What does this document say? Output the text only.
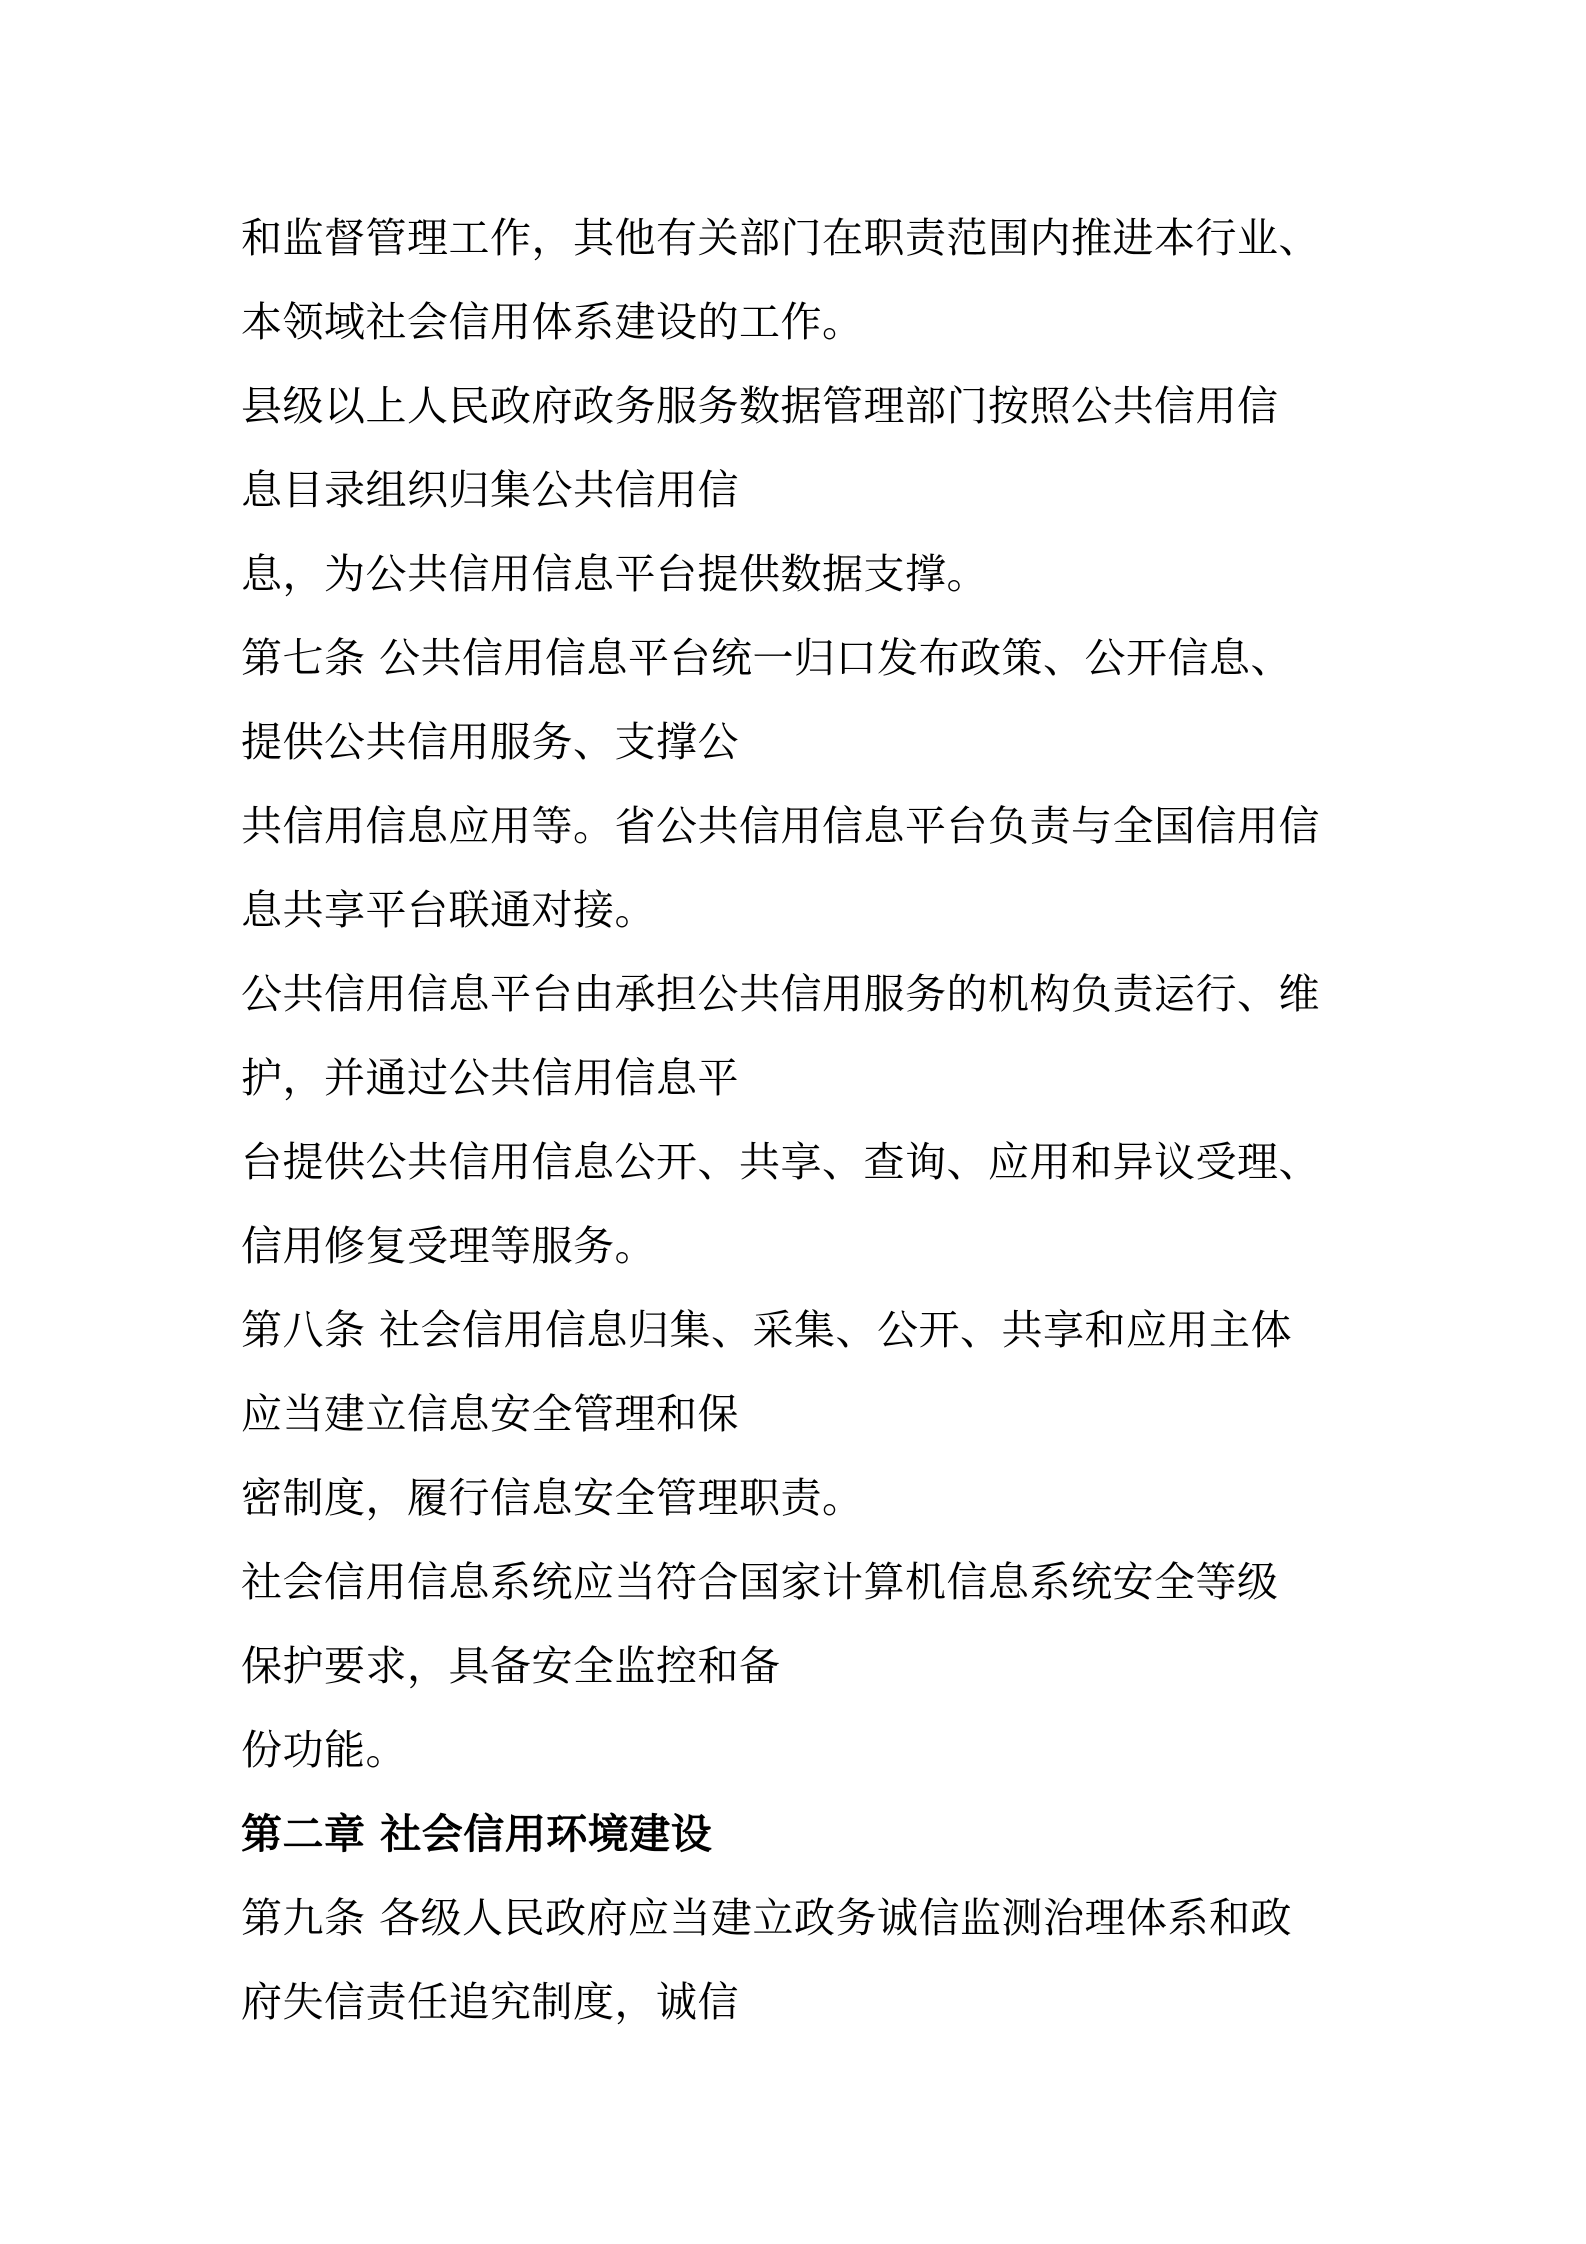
和监督管理工作，其他有关部门在职责范围内推进本行业、
本领域社会信用体系建设的工作。
县级以上人民政府政务服务数据管理部门按照公共信用信
息目录组织归集公共信用信
息，为公共信用信息平台提供数据支撑。
第七条 公共信用信息平台统一归口发布政策、公开信息、
提供公共信用服务、支撑公
共信用信息应用等。省公共信用信息平台负责与全国信用信
息共享平台联通对接。
公共信用信息平台由承担公共信用服务的机构负责运行、维
护，并通过公共信用信息平
台提供公共信用信息公开、共享、查询、应用和异议受理、
信用修复受理等服务。
第八条 社会信用信息归集、采集、公开、共享和应用主体
应当建立信息安全管理和保
密制度，履行信息安全管理职责。
社会信用信息系统应当符合国家计算机信息系统安全等级
保护要求，具备安全监控和备
份功能。
第二章 社会信用环境建设
第九条 各级人民政府应当建立政务诚信监测治理体系和政
府失信责任追究制度，诚信
